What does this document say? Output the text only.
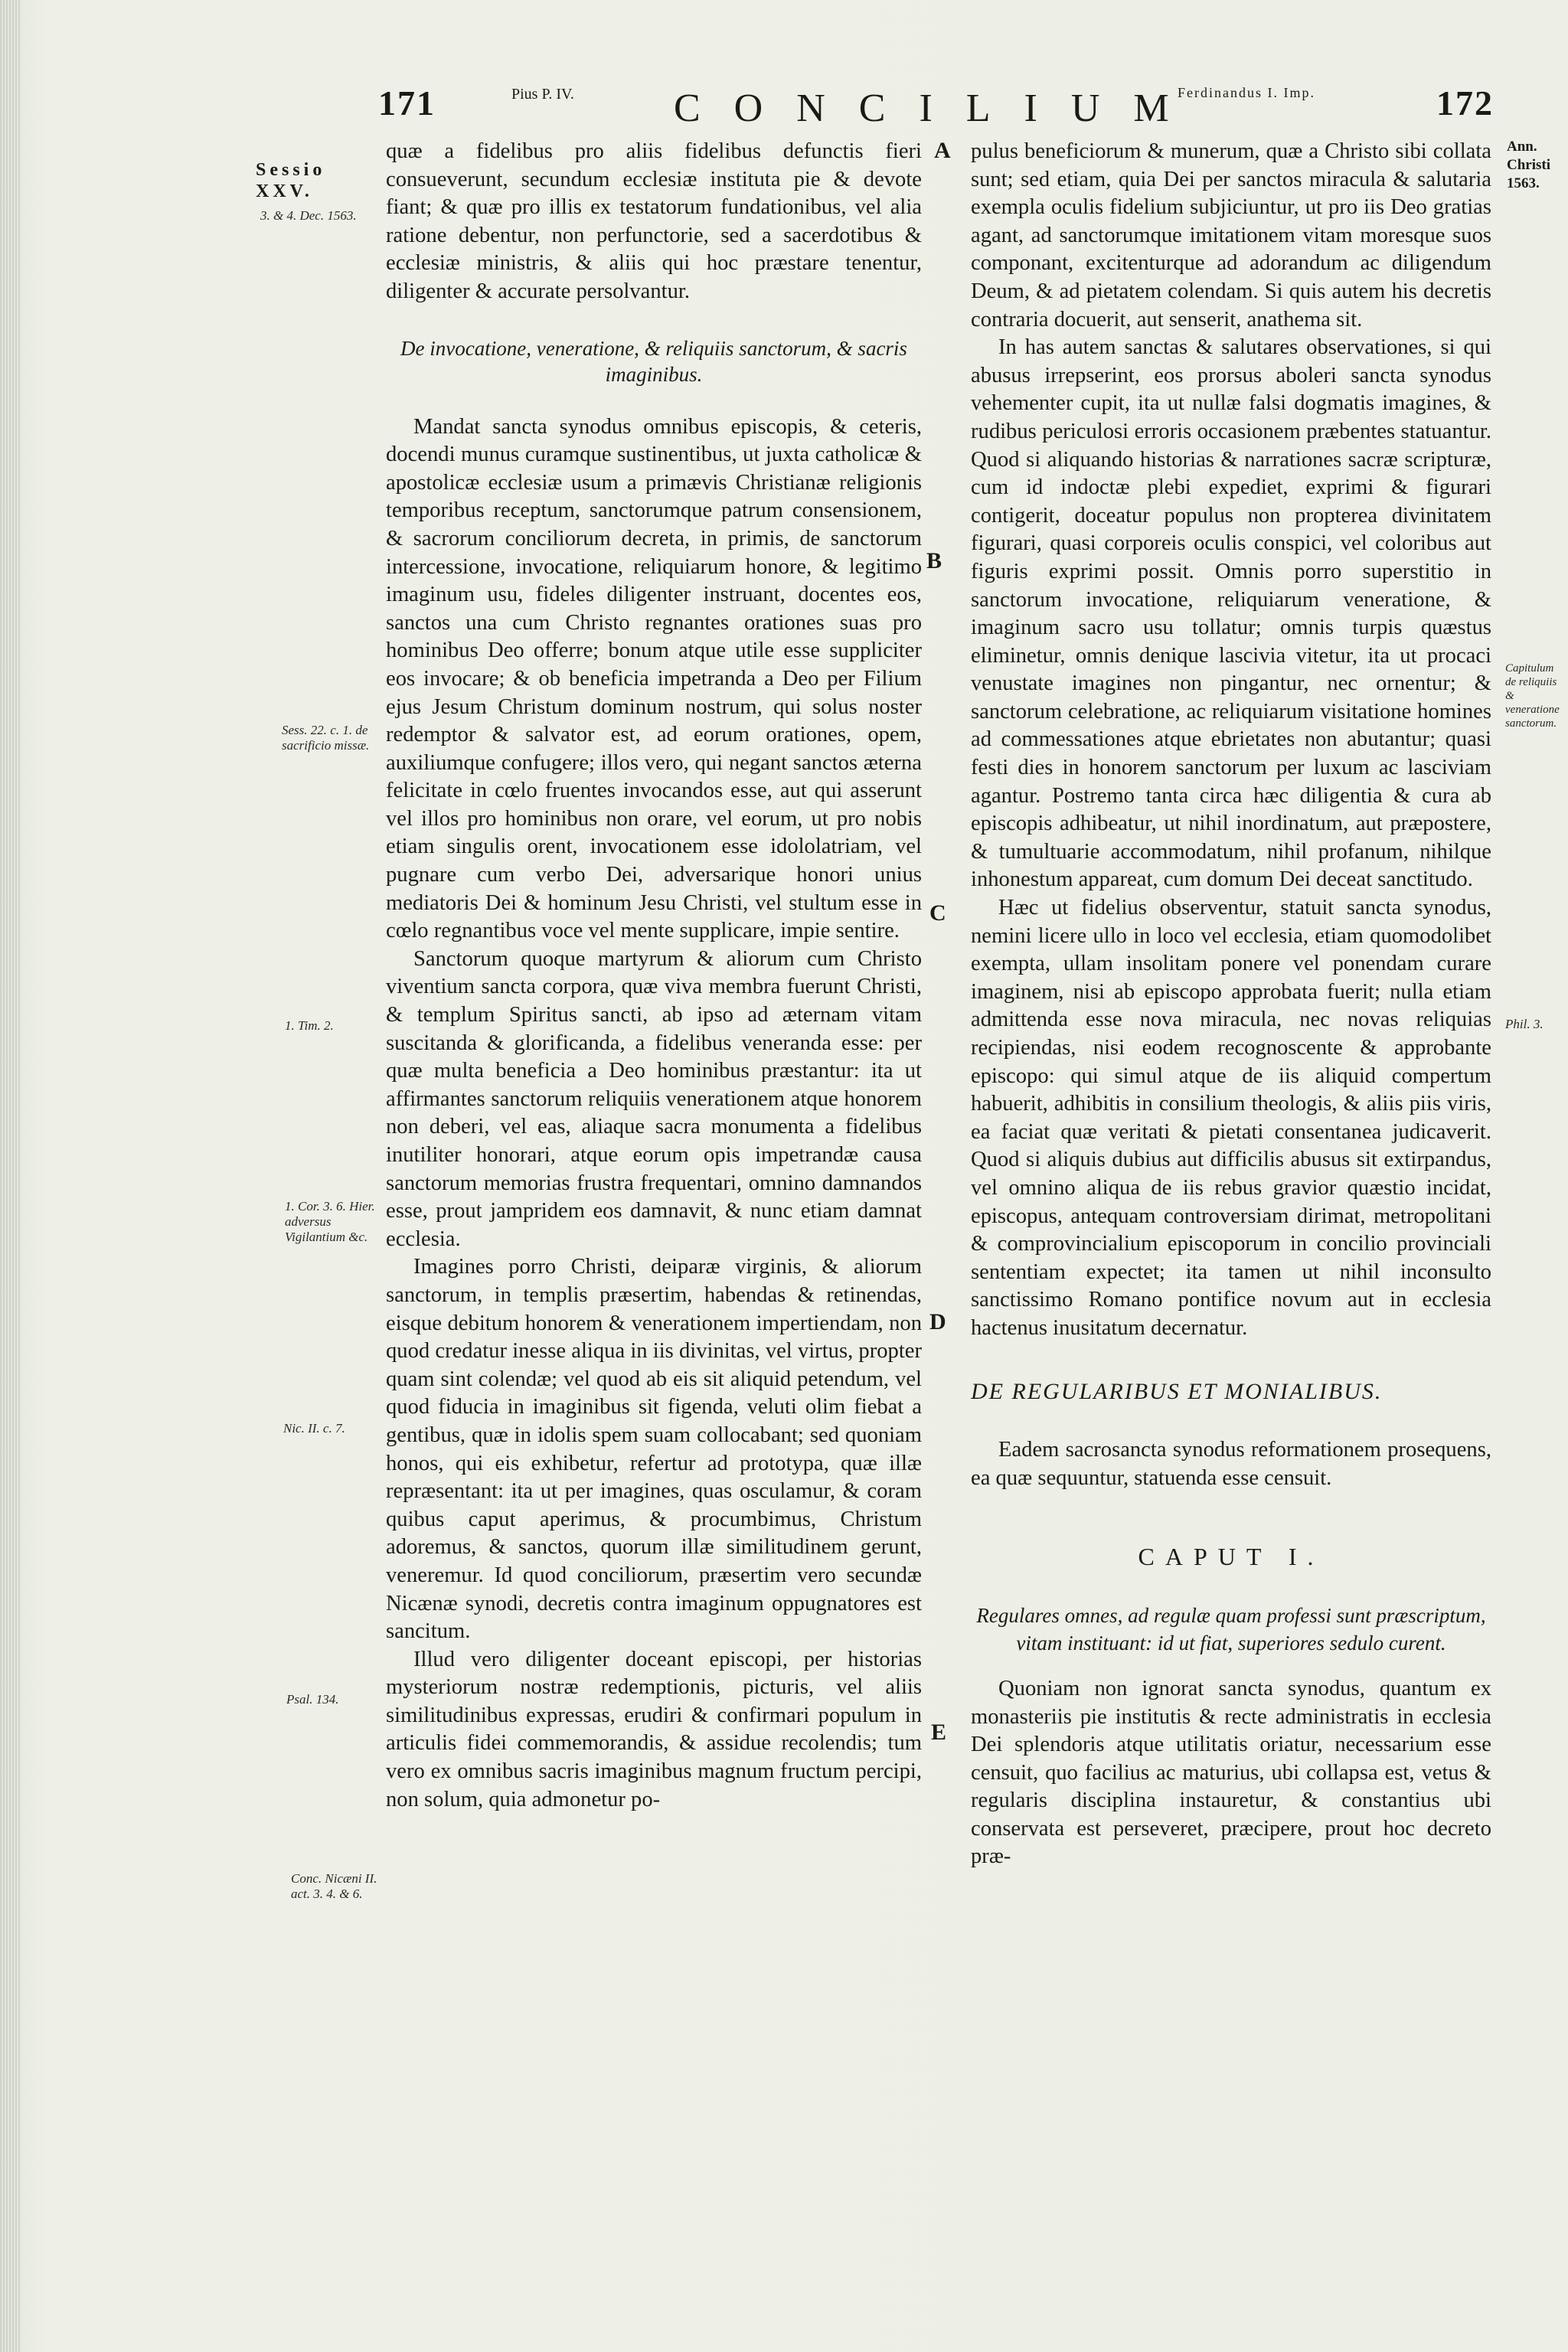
171	Pius P. IV.	CONCILIUM
Ferdinandus I. Imp.	172
Sessio XXV.
3. & 4. Dec. 1563.
Sess. 22. c. 1. de sacrificio missæ.
1. Tim. 2.
1. Cor. 3. 6. Hier. adversus Vigilantium &c.
Nic. II. c. 7.
Psal. 134.
Conc. Nicæni II. act. 3. 4. & 6.
Ann. Christi 1563.
Capitulum de reliquiis & veneratione sanctorum.
Phil. 3.
A
B
C
D
E

quæ a fidelibus pro aliis fidelibus defunctis fieri consueverunt, secundum ecclesiæ instituta pie & devote fiant; & quæ pro illis ex testatorum fundationibus, vel alia ratione debentur, non perfunctorie, sed a sacerdotibus & ecclesiæ ministris, & aliis qui hoc præstare tenentur, diligenter & accurate persolvantur.

De invocatione, veneratione, & reliquiis sanctorum, & sacris imaginibus.

Mandat sancta synodus omnibus episcopis, & ceteris, docendi munus curamque sustinentibus, ut juxta catholicæ & apostolicæ ecclesiæ usum a primævis Christianæ religionis temporibus receptum, sanctorumque patrum consensionem, & sacrorum conciliorum decreta, in primis, de sanctorum intercessione, invocatione, reliquiarum honore, & legitimo imaginum usu, fideles diligenter instruant, docentes eos, sanctos una cum Christo regnantes orationes suas pro hominibus Deo offerre; bonum atque utile esse suppliciter eos invocare; & ob beneficia impetranda a Deo per Filium ejus Jesum Christum dominum nostrum, qui solus noster redemptor & salvator est, ad eorum orationes, opem, auxiliumque confugere; illos vero, qui negant sanctos æterna felicitate in cœlo fruentes invocandos esse, aut qui asserunt vel illos pro hominibus non orare, vel eorum, ut pro nobis etiam singulis orent, invocationem esse idololatriam, vel pugnare cum verbo Dei, adversarique honori unius mediatoris Dei & hominum Jesu Christi, vel stultum esse in cœlo regnantibus voce vel mente supplicare, impie sentire.

Sanctorum quoque martyrum & aliorum cum Christo viventium sancta corpora, quæ viva membra fuerunt Christi, & templum Spiritus sancti, ab ipso ad æternam vitam suscitanda & glorificanda, a fidelibus veneranda esse: per quæ multa beneficia a Deo hominibus præstantur: ita ut affirmantes sanctorum reliquiis venerationem atque honorem non deberi, vel eas, aliaque sacra monumenta a fidelibus inutiliter honorari, atque eorum opis impetrandæ causa sanctorum memorias frustra frequentari, omnino damnandos esse, prout jampridem eos damnavit, & nunc etiam damnat ecclesia.

Imagines porro Christi, deiparæ virginis, & aliorum sanctorum, in templis præsertim, habendas & retinendas, eisque debitum honorem & venerationem impertiendam, non quod credatur inesse aliqua in iis divinitas, vel virtus, propter quam sint colendæ; vel quod ab eis sit aliquid petendum, vel quod fiducia in imaginibus sit figenda, veluti olim fiebat a gentibus, quæ in idolis spem suam collocabant; sed quoniam honos, qui eis exhibetur, refertur ad prototypa, quæ illæ repræsentant: ita ut per imagines, quas osculamur, & coram quibus caput aperimus, & procumbimus, Christum adoremus, & sanctos, quorum illæ similitudinem gerunt, veneremur. Id quod conciliorum, præsertim vero secundæ Nicænæ synodi, decretis contra imaginum oppugnatores est sancitum.

Illud vero diligenter doceant episcopi, per historias mysteriorum nostræ redemptionis, picturis, vel aliis similitudinibus expressas, erudiri & confirmari populum in articulis fidei commemorandis, & assidue recolendis; tum vero ex omnibus sacris imaginibus magnum fructum percipi, non solum, quia admonetur po-

pulus beneficiorum & munerum, quæ a Christo sibi collata sunt; sed etiam, quia Dei per sanctos miracula & salutaria exempla oculis fidelium subjiciuntur, ut pro iis Deo gratias agant, ad sanctorumque imitationem vitam moresque suos componant, excitenturque ad adorandum ac diligendum Deum, & ad pietatem colendam. Si quis autem his decretis contraria docuerit, aut senserit, anathema sit.

In has autem sanctas & salutares observationes, si qui abusus irrepserint, eos prorsus aboleri sancta synodus vehementer cupit, ita ut nullæ falsi dogmatis imagines, & rudibus periculosi erroris occasionem præbentes statuantur. Quod si aliquando historias & narrationes sacræ scripturæ, cum id indoctæ plebi expediet, exprimi & figurari contigerit, doceatur populus non propterea divinitatem figurari, quasi corporeis oculis conspici, vel coloribus aut figuris exprimi possit. Omnis porro superstitio in sanctorum invocatione, reliquiarum veneratione, & imaginum sacro usu tollatur; omnis turpis quæstus eliminetur, omnis denique lascivia vitetur, ita ut procaci venustate imagines non pingantur, nec ornentur; & sanctorum celebratione, ac reliquiarum visitatione homines ad commessationes atque ebrietates non abutantur; quasi festi dies in honorem sanctorum per luxum ac lasciviam agantur. Postremo tanta circa hæc diligentia & cura ab episcopis adhibeatur, ut nihil inordinatum, aut præpostere, & tumultuarie accommodatum, nihil profanum, nihilque inhonestum appareat, cum domum Dei deceat sanctitudo.

Hæc ut fidelius observentur, statuit sancta synodus, nemini licere ullo in loco vel ecclesia, etiam quomodolibet exempta, ullam insolitam ponere vel ponendam curare imaginem, nisi ab episcopo approbata fuerit; nulla etiam admittenda esse nova miracula, nec novas reliquias recipiendas, nisi eodem recognoscente & approbante episcopo: qui simul atque de iis aliquid compertum habuerit, adhibitis in consilium theologis, & aliis piis viris, ea faciat quæ veritati & pietati consentanea judicaverit. Quod si aliquis dubius aut difficilis abusus sit extirpandus, vel omnino aliqua de iis rebus gravior quæstio incidat, episcopus, antequam controversiam dirimat, metropolitani & comprovincialium episcoporum in concilio provinciali sententiam expectet; ita tamen ut nihil inconsulto sanctissimo Romano pontifice novum aut in ecclesia hactenus inusitatum decernatur.

DE REGULARIBUS ET MONIALIBUS.

Eadem sacrosancta synodus reformationem prosequens, ea quæ sequuntur, statuenda esse censuit.

CAPUT I.
Regulares omnes, ad regulæ quam professi sunt præscriptum, vitam instituant: id ut fiat, superiores sedulo curent.

Quoniam non ignorat sancta synodus, quantum ex monasteriis pie institutis & recte administratis in ecclesia Dei splendoris atque utilitatis oriatur, necessarium esse censuit, quo facilius ac maturius, ubi collapsa est, vetus & regularis disciplina instauretur, & constantius ubi conservata est perseveret, præcipere, prout hoc decreto præ-
